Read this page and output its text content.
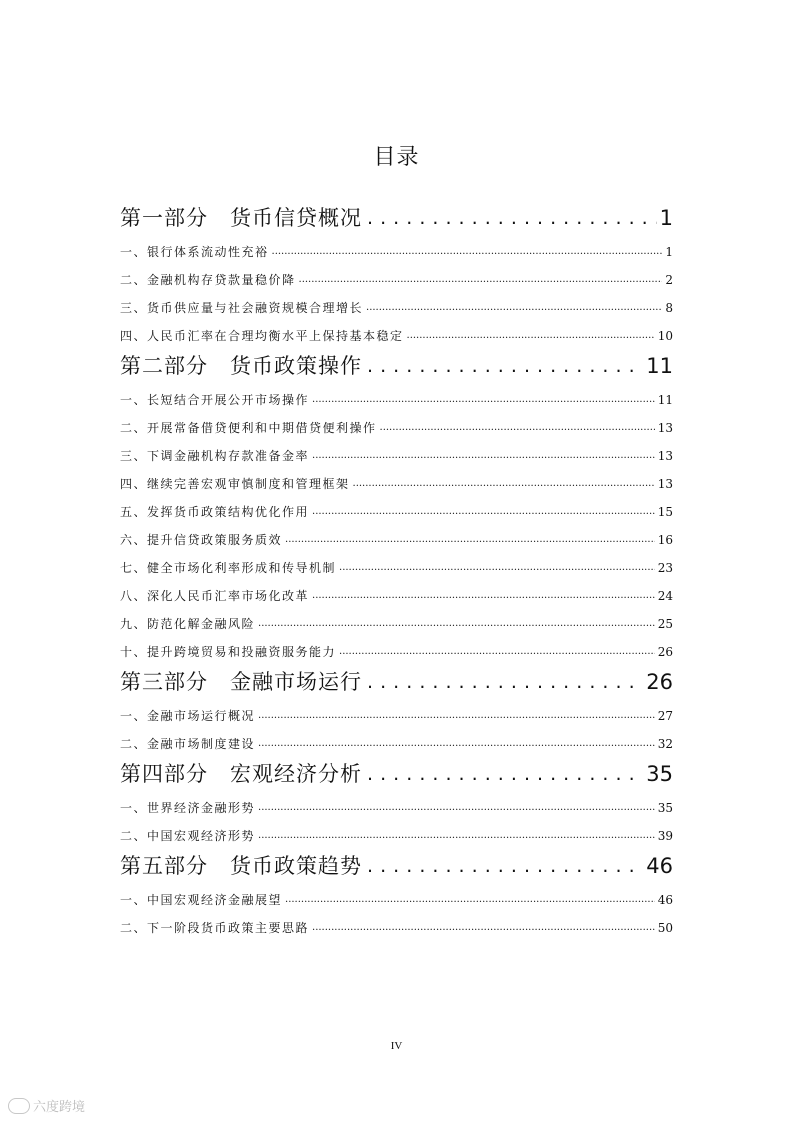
目录
第一部分 货币信贷概况 . . .	1
一、银行体系流动性充裕 .....	1
二、金融机构存贷款量稳价降 .....	2
三、货币供应量与社会融资规模合理增长 .....	8
四、人民币汇率在合理均衡水平上保持基本稳定 .....	10
第二部分 货币政策操作 . . .	11
一、长短结合开展公开市场操作 .....	11
二、开展常备借贷便利和中期借贷便利操作 .....	13
三、下调金融机构存款准备金率 .....	13
四、继续完善宏观审慎制度和管理框架 .....	13
五、发挥货币政策结构优化作用 .....	15
六、提升信贷政策服务质效 .....	16
七、健全市场化利率形成和传导机制 .....	23
八、深化人民币汇率市场化改革 .....	24
九、防范化解金融风险 .....	25
十、提升跨境贸易和投融资服务能力 .....	26
第三部分 金融市场运行 . . .	26
一、金融市场运行概况 .....	27
二、金融市场制度建设 .....	32
第四部分 宏观经济分析 . . .	35
一、世界经济金融形势 .....	35
二、中国宏观经济形势 .....	39
第五部分 货币政策趋势 . . .	46
一、中国宏观经济金融展望 .....	46
二、下一阶段货币政策主要思路 .....	50
IV
六度跨境
